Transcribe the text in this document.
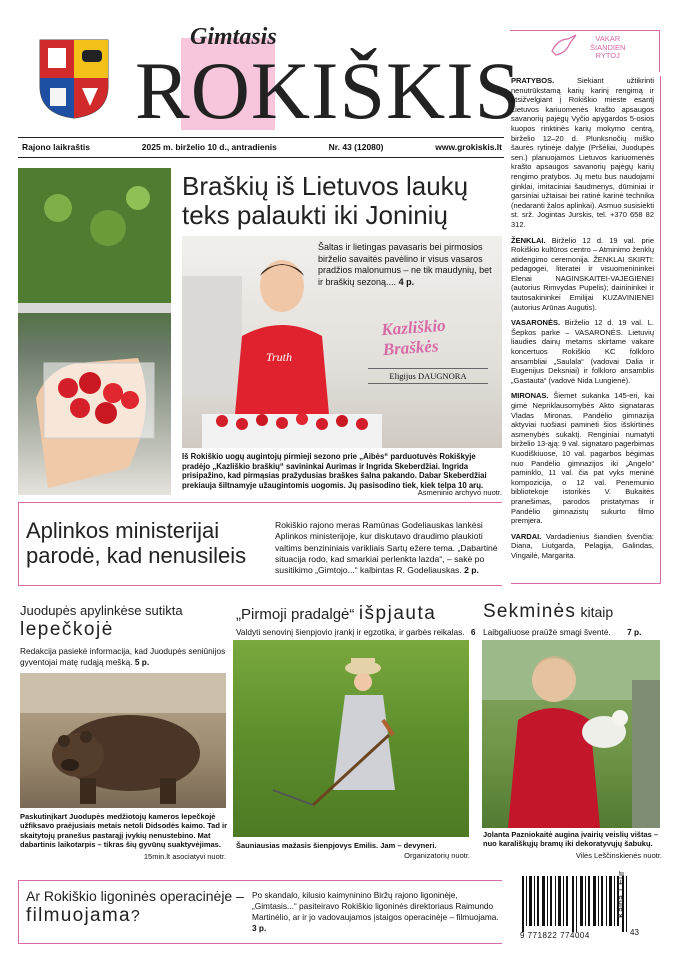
Gimtasis
ROKIŠKIS
VAKAR
ŠIANDIEN
RYTOJ
Rajono laikraštis	2025 m. birželio 10 d., antradienis	Nr. 43 (12080)	www.grokiskis.lt

PRATYBOS.	Siekiant užtikrinti nenutrūkstamą karių karinį rengimą ir atsižvelgiant į Rokiškio mieste esantį Lietuvos kariuomenės krašto apsaugos savanorių pajėgų Vyčio apygardos 5-osios kuopos rinktinės karių mokymo centrą, birželio 12–20 d. Plunksnočių miško šaurės rytinėje dalyje (Pršėliai, Juodupės sen.) planuojamos Lietuvos kariuomenės krašto apsaugos savanorių pajėgų karių rengimo pratybos. Jų metu bus naudojami ginklai, imitaciniai šaudmenys, dūminiai ir garsiniai užtaisai bei ratinė karinė technika (nedaranti žalos aplinkai). Asmuo susisiekti st. srž. Jogintas Jurskis, tel. +370 658 82 312.

ŽENKLAI. Birželio 12 d. 19 val. prie Rokiškio kultūros centro – Atminimo ženklų atidengimo ceremonija. ŽENKLAI SKIRTI: pedagogei, literatei ir visuomenininkei Elenai NAGINSKAITEI-VAJEGIENEI (autorius Rimvydas Pupelis); dainininkei ir tautosakininkei Emilijai KUZAVINIENEI (autorius Arūnas Augutis).

VASARONĖS. Birželio 12 d. 19 val. L. Šepkos parke – VASARONĖS. Lietuvių liaudies dainų metams skirtame vakare koncertuos Rokiškio KC folkloro ansambliai „Saulala“ (vadovai Dalia ir Eugenijus Deksniai) ir folkloro ansamblis „Gastauta“ (vadovė Nida Lungienė).

MIRONAS. Šiemet sukanka 145-eri, kai gimė Nepriklausomybės Akto signataras Vladas Mironas. Pandėlio gimnazija aktyviai ruošiasi paminėti šios išskirtinės asmenybės sukaktį. Renginiai numatyti birželio 13-ąją: 9 val. signataro pagerbimas Kuodiškiuose, 10 val. pagarbos bėgimas nuo Pandėlio gimnazijos iki „Angelo“ paminklo, 11 val. čia pat vyks meninė kompozicija, o 12 val. Penemunio bibliotekoje istorikės V. Bukaitės pranešimas, parodos pristatymas ir Pandėlio gimnazistų sukurto filmo premjera.

VARDAI. Vardadienius šiandien švenčia: Diana, Liutgarda, Pelagija, Galindas, Vingailė, Margarita.

Braškių iš Lietuvos laukų teks palaukti iki Joninių
Truth
Šaltas ir lietingas pavasaris bei pirmosios birželio savaitės pavėlino ir visus vasaros pradžios malonumus – ne tik maudynių, bet ir braškių sezoną.... 4 p.
Kazliškio Braškės
Eligijus DAUGNORA
Iš Rokiškio uogų augintojų pirmieji sezono prie „Aibės“ parduotuvės Rokiškyje pradėjo „Kazliškio braškių“ savininkai Aurimas ir Ingrida Skeberdžiai. Ingrida prisipažino, kad pirmąsias pražydusias braškes šalna pakando. Dabar Skeberdžiai prekiauja šiltnamyje užaugintomis uogomis. Jų pasisodino tiek, kiek telpa 10 arų.
Asmeninio archyvo nuotr.
Aplinkos ministerijai parodė, kad nenusileis
Rokiškio rajono meras Ramūnas Godeliauskas lankėsi Aplinkos ministerijoje, kur diskutavo draudimo plaukioti valtims benzininiais varikliais Sartų ežere tema. „Dabartinė situacija rodo, kad smarkiai perlenkta lazda“, – sakė po susitikimo „Gimtojo...“ kalbintas R. Godeliauskas. 2 p.
Juodupės apylinkėse sutikta
lepečkojė
Redakcija pasiekė informacija, kad Juodupės seniūnijos gyventojai matę rudąją mešką. 5 p.
Paskutinįkart Juodupės medžiotojų kameros lepečkojė užfiksavo praėjusiais metais netoli Didsodės kaimo. Tad ir skaitytojų pranešus pastarąjį įvykių nenustebino. Mat dabartinis laikotarpis – tikras šių gyvūnų suaktyvėjimas.
15min.lt asociatyvi nuotr.
„Pirmoji pradalgė“ išpjauta
Valdyti senovinį šienpjovio įrankį ir egzotika, ir garbės reikalas. 6
Šauniausias mažasis šienpjovys Emilis. Jam – devyneri.
Organizatorių nuotr.
Sekminės kitaip
Laibgaliuose praūžė smagi šventė. 7 p.
Jolanta Pazniokaitė augina įvairių veislių vištas – nuo karališkųjų bramų iki dekoratyvųjų šabukų.
Vilės Leščinskienės nuotr.
Ar Rokiškio ligoninės operacinėje –
filmuojama?
Po skandalo, kilusio kaimyninino Biržų rajono ligoninėje, „Gimtasis...“ pasiteiravo Rokiškio ligoninės direktoriaus Raimundo Martinėlio, ar ir jo vadovaujamos įstaigos operacinėje – filmuojama. 3 p.
9 771822 774004	43
Kaina 1 Eur
